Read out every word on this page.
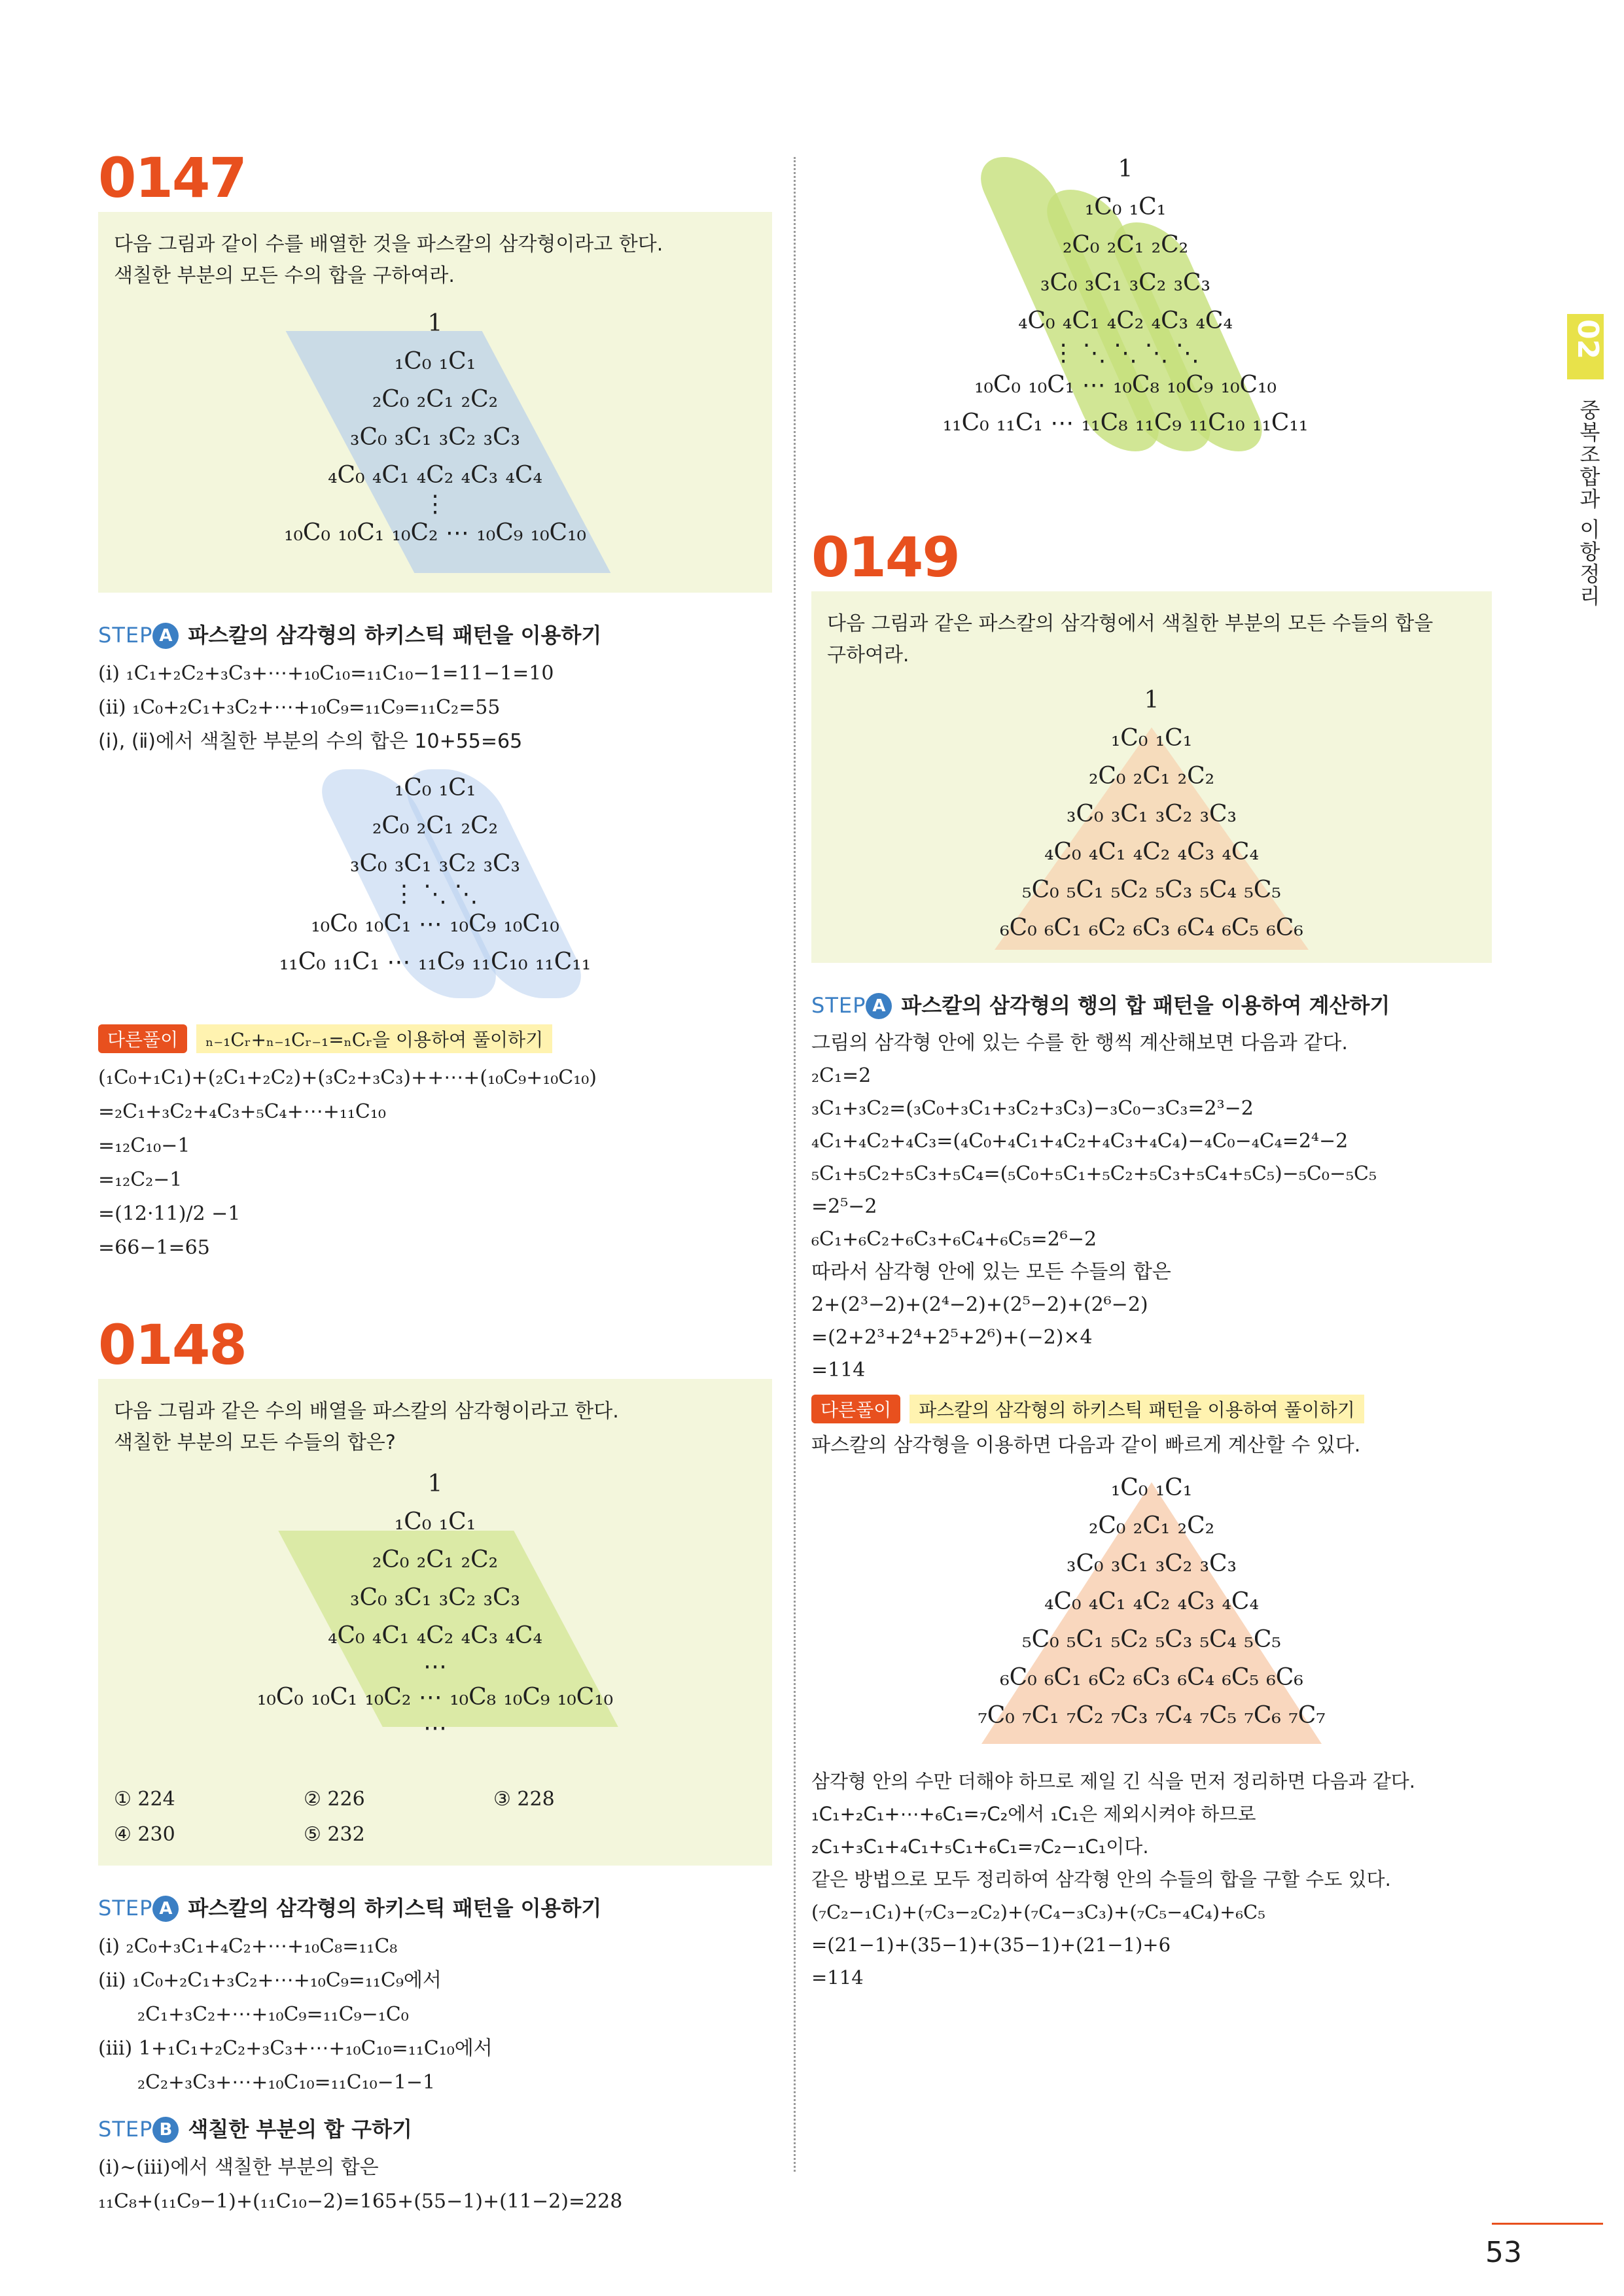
0147

다음 그림과 같이 수를 배열한 것을 파스칼의 삼각형이라고 한다.

색칠한 부분의 모든 수의 합을 구하여라.

1
₁C₀ ₁C₁
₂C₀ ₂C₁ ₂C₂
₃C₀ ₃C₁ ₃C₂ ₃C₃
₄C₀ ₄C₁ ₄C₂ ₄C₃ ₄C₄
⋮
₁₀C₀ ₁₀C₁ ₁₀C₂ ⋯ ₁₀C₉ ₁₀C₁₀
STEP A 파스칼의 삼각형의 하키스틱 패턴을 이용하기
(ⅰ) ₁C₁+₂C₂+₃C₃+⋯+₁₀C₁₀=₁₁C₁₀−1=11−1=10
(ⅱ) ₁C₀+₂C₁+₃C₂+⋯+₁₀C₉=₁₁C₉=₁₁C₂=55
(ⅰ), (ⅱ)에서 색칠한 부분의 수의 합은 10+55=65
₁C₀ ₁C₁
₂C₀ ₂C₁ ₂C₂
₃C₀ ₃C₁ ₃C₂ ₃C₃
⋮ ⋱ ⋱
₁₀C₀ ₁₀C₁ ⋯ ₁₀C₉ ₁₀C₁₀
₁₁C₀ ₁₁C₁ ⋯ ₁₁C₉ ₁₁C₁₀ ₁₁C₁₁
다른풀이 ₙ₋₁Cᵣ+ₙ₋₁Cᵣ₋₁=ₙCᵣ을 이용하여 풀이하기
(₁C₀+₁C₁)+(₂C₁+₂C₂)+(₃C₂+₃C₃)++⋯+(₁₀C₉+₁₀C₁₀)
=₂C₁+₃C₂+₄C₃+₅C₄+⋯+₁₁C₁₀
=₁₂C₁₀−1
=₁₂C₂−1
=(12·11)/2 −1
=66−1=65
0148

다음 그림과 같은 수의 배열을 파스칼의 삼각형이라고 한다.

색칠한 부분의 모든 수들의 합은?

1
₁C₀ ₁C₁
₂C₀ ₂C₁ ₂C₂
₃C₀ ₃C₁ ₃C₂ ₃C₃
₄C₀ ₄C₁ ₄C₂ ₄C₃ ₄C₄
⋯
₁₀C₀ ₁₀C₁ ₁₀C₂ ⋯ ₁₀C₈ ₁₀C₉ ₁₀C₁₀
⋯
① 224	② 226	③ 228
④ 230	⑤ 232
STEP A 파스칼의 삼각형의 하키스틱 패턴을 이용하기
(ⅰ) ₂C₀+₃C₁+₄C₂+⋯+₁₀C₈=₁₁C₈
(ⅱ) ₁C₀+₂C₁+₃C₂+⋯+₁₀C₉=₁₁C₉에서
₂C₁+₃C₂+⋯+₁₀C₉=₁₁C₉−₁C₀
(ⅲ) 1+₁C₁+₂C₂+₃C₃+⋯+₁₀C₁₀=₁₁C₁₀에서
₂C₂+₃C₃+⋯+₁₀C₁₀=₁₁C₁₀−1−1
STEP B 색칠한 부분의 합 구하기
(ⅰ)~(ⅲ)에서 색칠한 부분의 합은
₁₁C₈+(₁₁C₉−1)+(₁₁C₁₀−2)=165+(55−1)+(11−2)=228
1
₁C₀ ₁C₁
₂C₀ ₂C₁ ₂C₂
₃C₀ ₃C₁ ₃C₂ ₃C₃
₄C₀ ₄C₁ ₄C₂ ₄C₃ ₄C₄
⋮ ⋱ ⋱ ⋱ ⋱
₁₀C₀ ₁₀C₁ ⋯ ₁₀C₈ ₁₀C₉ ₁₀C₁₀
₁₁C₀ ₁₁C₁ ⋯ ₁₁C₈ ₁₁C₉ ₁₁C₁₀ ₁₁C₁₁
0149

다음 그림과 같은 파스칼의 삼각형에서 색칠한 부분의 모든 수들의 합을

구하여라.

1
₁C₀ ₁C₁
₂C₀ ₂C₁ ₂C₂
₃C₀ ₃C₁ ₃C₂ ₃C₃
₄C₀ ₄C₁ ₄C₂ ₄C₃ ₄C₄
₅C₀ ₅C₁ ₅C₂ ₅C₃ ₅C₄ ₅C₅
₆C₀ ₆C₁ ₆C₂ ₆C₃ ₆C₄ ₆C₅ ₆C₆
STEP A 파스칼의 삼각형의 행의 합 패턴을 이용하여 계산하기
그림의 삼각형 안에 있는 수를 한 행씩 계산해보면 다음과 같다.
₂C₁=2
₃C₁+₃C₂=(₃C₀+₃C₁+₃C₂+₃C₃)−₃C₀−₃C₃=2³−2
₄C₁+₄C₂+₄C₃=(₄C₀+₄C₁+₄C₂+₄C₃+₄C₄)−₄C₀−₄C₄=2⁴−2
₅C₁+₅C₂+₅C₃+₅C₄=(₅C₀+₅C₁+₅C₂+₅C₃+₅C₄+₅C₅)−₅C₀−₅C₅
=2⁵−2
₆C₁+₆C₂+₆C₃+₆C₄+₆C₅=2⁶−2
따라서 삼각형 안에 있는 모든 수들의 합은
2+(2³−2)+(2⁴−2)+(2⁵−2)+(2⁶−2)
=(2+2³+2⁴+2⁵+2⁶)+(−2)×4
=114
다른풀이 파스칼의 삼각형의 하키스틱 패턴을 이용하여 풀이하기
파스칼의 삼각형을 이용하면 다음과 같이 빠르게 계산할 수 있다.
₁C₀ ₁C₁
₂C₀ ₂C₁ ₂C₂
₃C₀ ₃C₁ ₃C₂ ₃C₃
₄C₀ ₄C₁ ₄C₂ ₄C₃ ₄C₄
₅C₀ ₅C₁ ₅C₂ ₅C₃ ₅C₄ ₅C₅
₆C₀ ₆C₁ ₆C₂ ₆C₃ ₆C₄ ₆C₅ ₆C₆
₇C₀ ₇C₁ ₇C₂ ₇C₃ ₇C₄ ₇C₅ ₇C₆ ₇C₇
삼각형 안의 수만 더해야 하므로 제일 긴 식을 먼저 정리하면 다음과 같다.
₁C₁+₂C₁+⋯+₆C₁=₇C₂에서 ₁C₁은 제외시켜야 하므로
₂C₁+₃C₁+₄C₁+₅C₁+₆C₁=₇C₂−₁C₁이다.
같은 방법으로 모두 정리하여 삼각형 안의 수들의 합을 구할 수도 있다.
(₇C₂−₁C₁)+(₇C₃−₂C₂)+(₇C₄−₃C₃)+(₇C₅−₄C₄)+₆C₅
=(21−1)+(35−1)+(35−1)+(21−1)+6
=114
02
중복조합과 이항정리
53
